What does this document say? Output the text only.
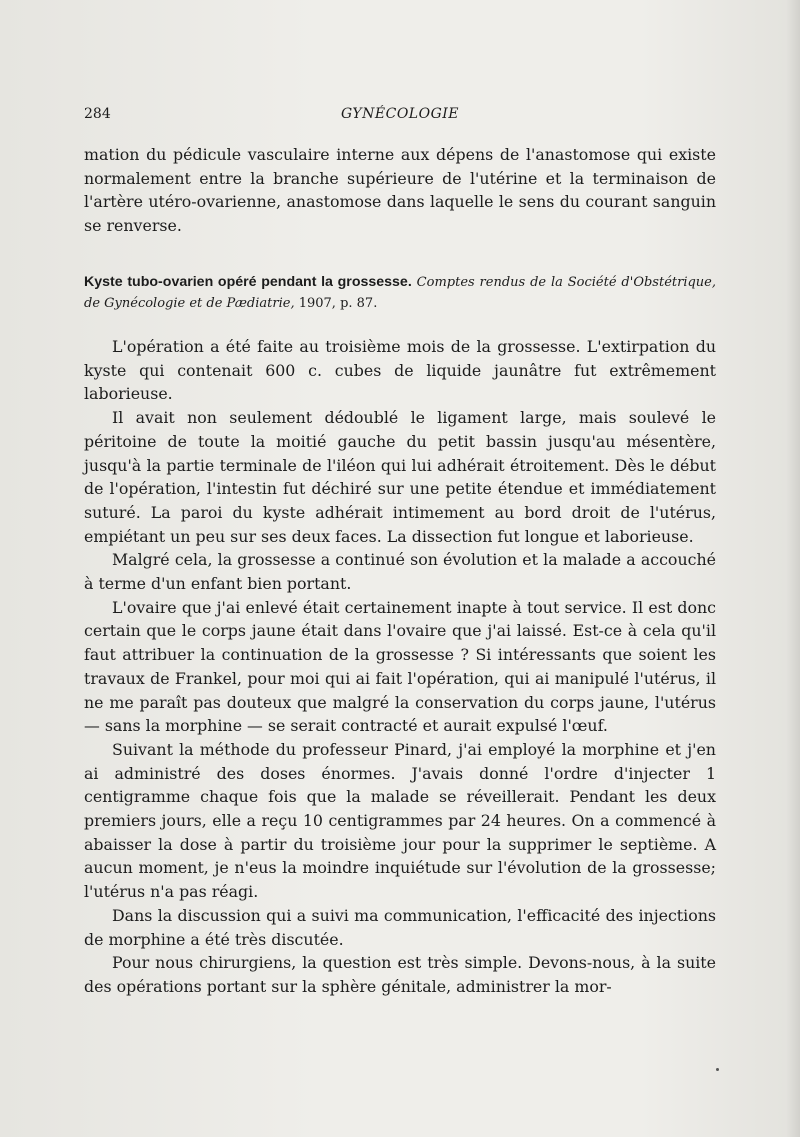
284	GYNÉCOLOGIE

mation du pédicule vasculaire interne aux dépens de l'anastomose qui existe normalement entre la branche supérieure de l'utérine et la terminaison de l'artère utéro-ovarienne, anastomose dans laquelle le sens du courant sanguin se renverse.

Kyste tubo-ovarien opéré pendant la grossesse. Comptes rendus de la Société d'Obstétrique, de Gynécologie et de Pædiatrie, 1907, p. 87.

L'opération a été faite au troisième mois de la grossesse. L'extirpation du kyste qui contenait 600 c. cubes de liquide jaunâtre fut extrêmement laborieuse.

Il avait non seulement dédoublé le ligament large, mais soulevé le péritoine de toute la moitié gauche du petit bassin jusqu'au mésentère, jusqu'à la partie terminale de l'iléon qui lui adhérait étroitement. Dès le début de l'opération, l'intestin fut déchiré sur une petite étendue et immédiatement suturé. La paroi du kyste adhérait intimement au bord droit de l'utérus, empiétant un peu sur ses deux faces. La dissection fut longue et laborieuse.

Malgré cela, la grossesse a continué son évolution et la malade a accouché à terme d'un enfant bien portant.

L'ovaire que j'ai enlevé était certainement inapte à tout service. Il est donc certain que le corps jaune était dans l'ovaire que j'ai laissé. Est-ce à cela qu'il faut attribuer la continuation de la grossesse ? Si intéressants que soient les travaux de Frankel, pour moi qui ai fait l'opération, qui ai manipulé l'utérus, il ne me paraît pas douteux que malgré la conservation du corps jaune, l'utérus — sans la morphine — se serait contracté et aurait expulsé l'œuf.

Suivant la méthode du professeur Pinard, j'ai employé la morphine et j'en ai administré des doses énormes. J'avais donné l'ordre d'injecter 1 centigramme chaque fois que la malade se réveillerait. Pendant les deux premiers jours, elle a reçu 10 centigrammes par 24 heures. On a commencé à abaisser la dose à partir du troisième jour pour la supprimer le septième. A aucun moment, je n'eus la moindre inquiétude sur l'évolution de la grossesse; l'utérus n'a pas réagi.

Dans la discussion qui a suivi ma communication, l'efficacité des injections de morphine a été très discutée.

Pour nous chirurgiens, la question est très simple. Devons-nous, à la suite des opérations portant sur la sphère génitale, administrer la mor-
